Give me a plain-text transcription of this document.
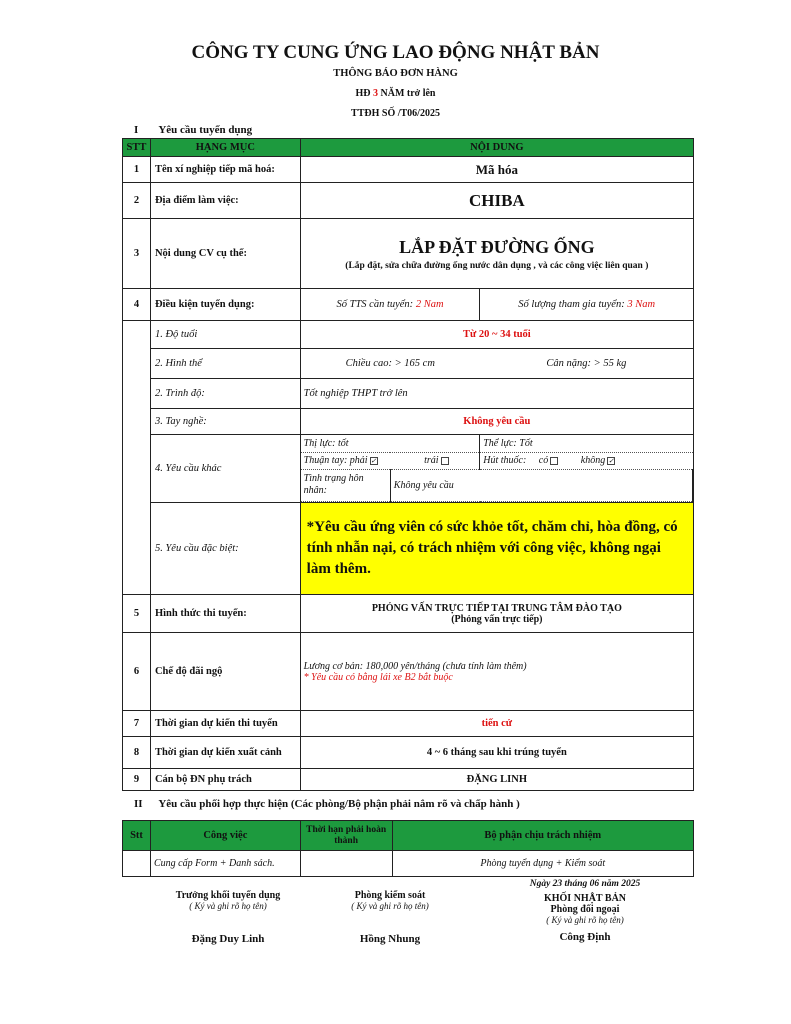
CÔNG TY CUNG ỨNG LAO ĐỘNG NHẬT BẢN
THÔNG BÁO ĐƠN HÀNG
HĐ 3 NĂM trở lên
TTĐH SỐ /T06/2025
I Yêu cầu tuyển dụng
STT	HẠNG MỤC	NỘI DUNG
1	Tên xí nghiệp tiếp mã hoá:	Mã hóa
2	Địa điểm làm việc:	CHIBA
3	Nội dung CV cụ thể:	LẮP ĐẶT ĐƯỜNG ỐNG
(Lắp đặt, sửa chữa đường ống nước dân dụng , và các công việc liên quan )

4	Điều kiện tuyển dụng:	Số TTS cần tuyển: 2 Nam	Số lượng tham gia tuyển: 3 Nam
	1. Độ tuổi	Từ 20 ~ 34 tuổi
2. Hình thể	Chiều cao: > 165 cm	Cân nặng: > 55 kg
2. Trình độ:	Tốt nghiệp THPT trở lên
3. Tay nghề:	Không yêu cầu
4. Yêu cầu khác	
Thị lực: tốt	Thể lực: Tốt
Thuận tay: phải ✓	trái	Hút thuốc: có	không ✓
Tình trạng hôn nhân:	Không yêu cầu

5. Yêu cầu đặc biệt:	*Yêu cầu ứng viên có sức khỏe tốt, chăm chỉ, hòa đồng, có tính nhẫn nại, có trách nhiệm với công việc, không ngại làm thêm.
5	Hình thức thi tuyển:	PHỎNG VẤN TRỰC TIẾP TẠI TRUNG TÂM ĐÀO TẠO
(Phỏng vấn trực tiếp)

6	Chế độ đãi ngộ	Lương cơ bản: 180,000 yên/tháng (chưa tính làm thêm)
* Yêu cầu có bằng lái xe B2 bắt buộc

7	Thời gian dự kiến thi tuyển	tiến cử
8	Thời gian dự kiến xuất cảnh	4 ~ 6 tháng sau khi trúng tuyển
9	Cán bộ ĐN phụ trách	ĐẶNG LINH
II Yêu cầu phối hợp thực hiện (Các phòng/Bộ phận phải nắm rõ và chấp hành )
Stt	Công việc	Thời hạn phải hoàn thành	Bộ phận chịu trách nhiệm
	Cung cấp Form + Danh sách.		Phòng tuyển dụng + Kiểm soát
Ngày 23 tháng 06 năm 2025
Trưởng khối tuyển dụng
( Ký và ghi rõ họ tên)
Đặng Duy Linh
Phòng kiểm soát
( Ký và ghi rõ họ tên)
Hồng Nhung
KHỐI NHẬT BẢN
Phòng đối ngoại
( Ký và ghi rõ họ tên)
Công Định
